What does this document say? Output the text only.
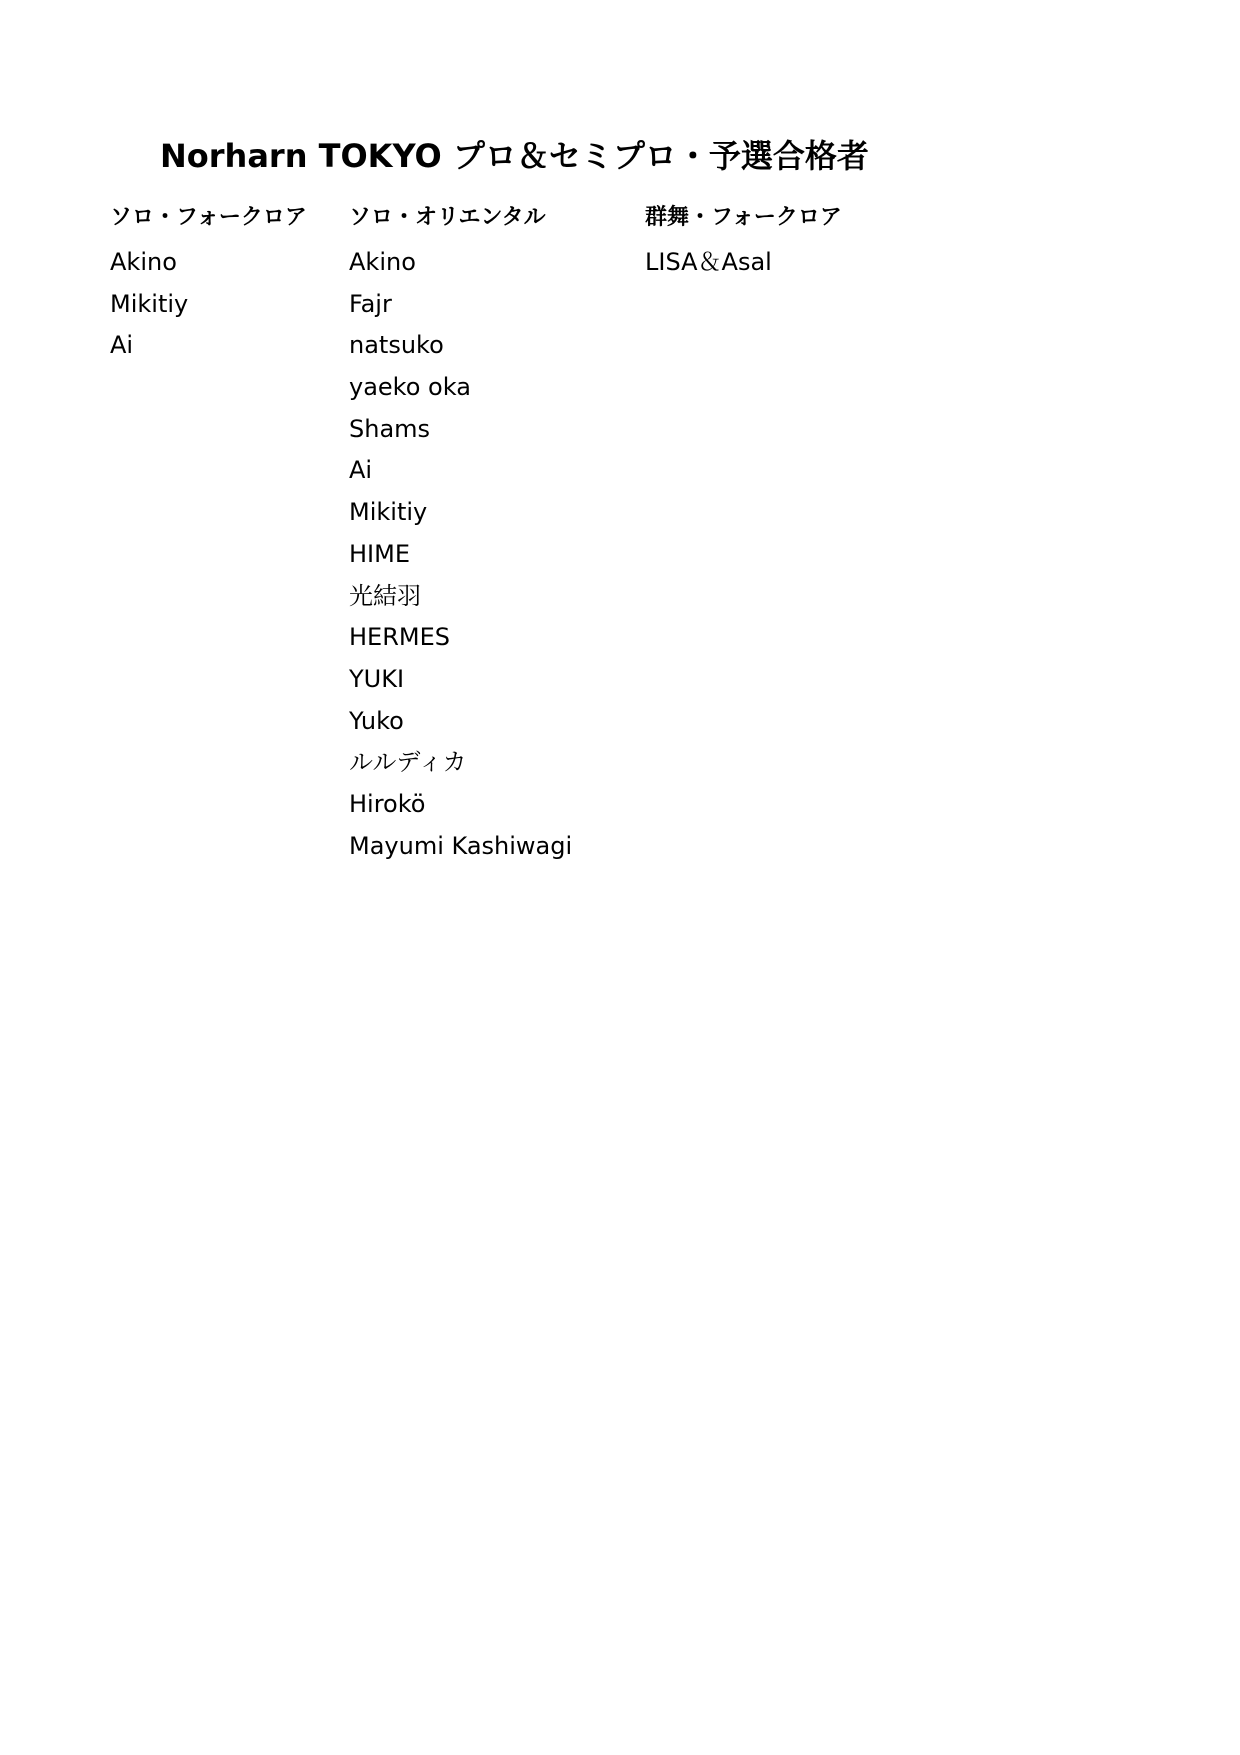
Norharn TOKYO プロ＆セミプロ・予選合格者
ソロ・フォークロア
Akino
Mikitiy
Ai
ソロ・オリエンタル
Akino
Fajr
natsuko
yaeko oka
Shams
Ai
Mikitiy
HIME
光結羽
HERMES
YUKI
Yuko
ルルディカ
Hirokö
Mayumi Kashiwagi
群舞・フォークロア
LISA＆Asal
